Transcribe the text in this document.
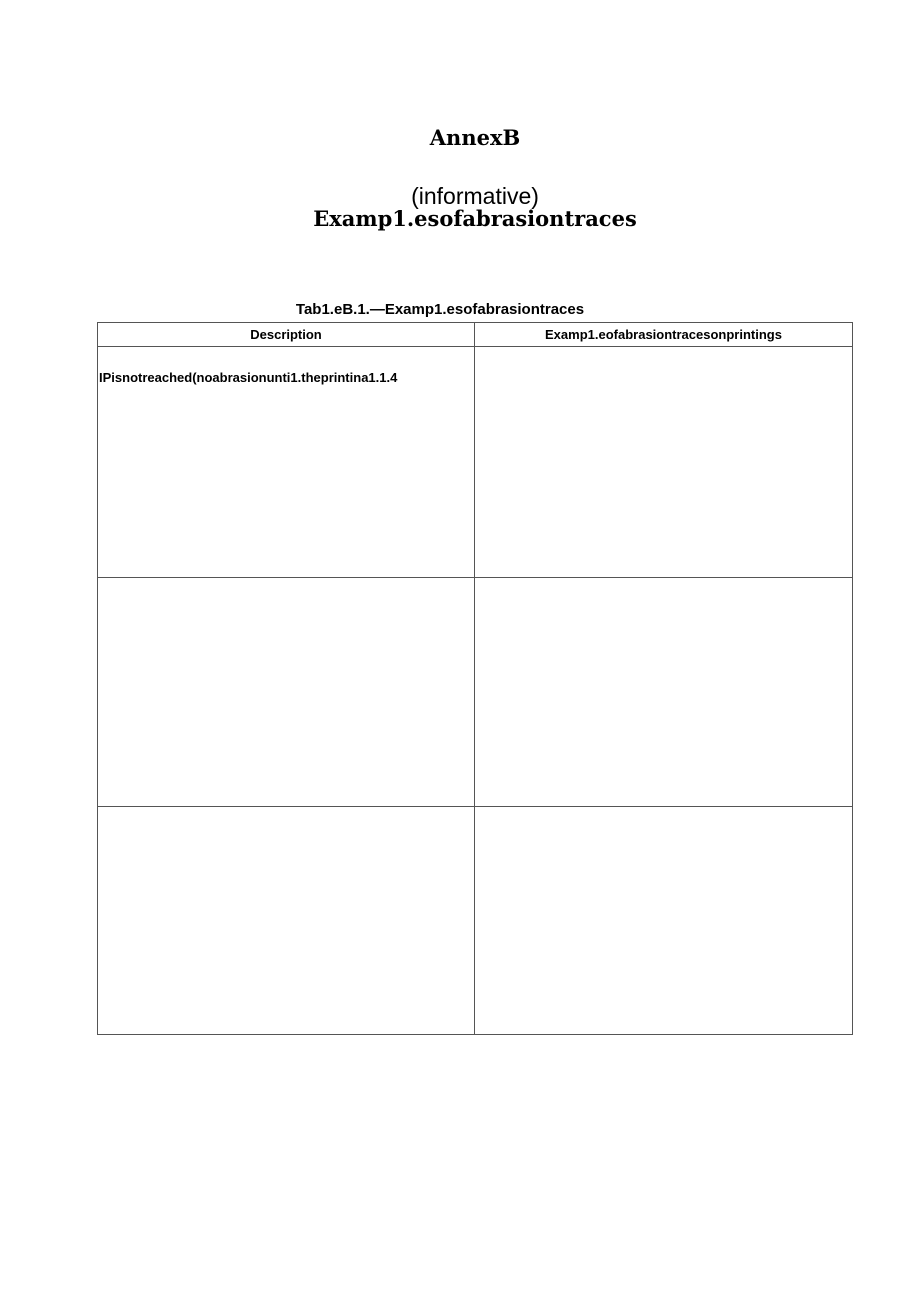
AnnexB
(informative)
Examp1.esofabrasiontraces
Tab1.eB.1.—Examp1.esofabrasiontraces
Description	Examp1.eofabrasiontracesonprintings

IPisnotreached(noabrasionunti1.theprintina1.1.4	
